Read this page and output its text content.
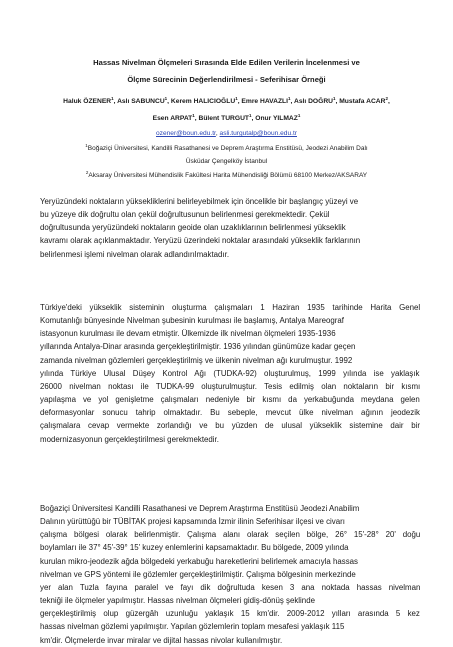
Hassas Nivelman Ölçmeleri Sırasında Elde Edilen Verilerin İncelenmesi ve
Ölçme Sürecinin Değerlendirilmesi - Seferihisar Örneği
Haluk ÖZENER$^1$, Aslı SABUNCU$^1$, Kerem HALICIOĞLU$^1$, Emre HAVAZLI$^1$, Aslı DOĞRU$^1$, Mustafa ACAR$^2$,
Esen ARPAT$^1$, Bülent TURGUT$^1$, Onur YILMAZ$^1$
ozener@boun.edu.tr, asli.turgutalp@boun.edu.tr
$^1$Boğaziçi Üniversitesi, Kandilli Rasathanesi ve Deprem Araştırma Enstitüsü, Jeodezi Anabilim Dalı
Üsküdar Çengelköy İstanbul
$^2$Aksaray Üniversitesi Mühendislik Fakültesi Harita Mühendisliği Bölümü 68100 Merkez/AKSARAY
Yeryüzündeki noktaların yüksekliklerini belirleyebilmek için öncelikle bir başlangıç yüzeyi ve
bu yüzeye dik doğrultu olan çekül doğrultusunun belirlenmesi gerekmektedir. Çekül
doğrultusunda yeryüzündeki noktaların geoide olan uzaklıklarının belirlenmesi yükseklik
kavramı olarak açıklanmaktadır. Yeryüzü üzerindeki noktalar arasındaki yükseklik farklarının
belirlenmesi işlemi nivelman olarak adlandırılmaktadır.
Türkiye'deki yükseklik sisteminin oluşturma çalışmaları 1 Haziran 1935 tarihinde Harita Genel
Komutanlığı bünyesinde Nivelman şubesinin kurulması ile başlamış, Antalya Mareograf
istasyonun kurulması ile devam etmiştir. Ülkemizde ilk nivelman ölçmeleri 1935-1936
yıllarında Antalya-Dinar arasında gerçekleştirilmiştir. 1936 yılından günümüze kadar geçen
zamanda nivelman gözlemleri gerçekleştirilmiş ve ülkenin nivelman ağı kurulmuştur. 1992
yılında Türkiye Ulusal Düşey Kontrol Ağı (TUDKA-92) oluşturulmuş, 1999 yılında ise yaklaşık
26000 nivelman noktası ile TUDKA-99 oluşturulmuştur. Tesis edilmiş olan noktaların bir kısmı
yapılaşma ve yol genişletme çalışmaları nedeniyle bir kısmı da yerkabuğunda meydana gelen
deformasyonlar sonucu tahrip olmaktadır. Bu sebeple, mevcut ülke nivelman ağının jeodezik
çalışmalara cevap vermekte zorlandığı ve bu yüzden de ulusal yükseklik sistemine dair bir
modernizasyonun gerçekleştirilmesi gerekmektedir.
Boğaziçi Üniversitesi Kandilli Rasathanesi ve Deprem Araştırma Enstitüsü Jeodezi Anabilim
Dalının yürüttüğü bir TÜBİTAK projesi kapsamında İzmir ilinin Seferihisar ilçesi ve civarı
çalışma bölgesi olarak belirlenmiştir. Çalışma alanı olarak seçilen bölge, 26° 15'-28° 20' doğu
boylamları ile 37° 45'-39° 15' kuzey enlemlerini kapsamaktadır. Bu bölgede, 2009 yılında
kurulan mikro-jeodezik ağda bölgedeki yerkabuğu hareketlerini belirlemek amacıyla hassas
nivelman ve GPS yöntemi ile gözlemler gerçekleştirilmiştir. Çalışma bölgesinin merkezinde
yer alan Tuzla fayına paralel ve fayı dik doğrultuda kesen 3 ana noktada hassas nivelman
tekniği ile ölçmeler yapılmıştır. Hassas nivelman ölçmeleri gidiş-dönüş şeklinde
gerçekleştirilmiş olup güzergâh uzunluğu yaklaşık 15 km'dir. 2009-2012 yılları arasında 5 kez
hassas nivelman gözlemi yapılmıştır. Yapılan gözlemlerin toplam mesafesi yaklaşık 115
km'dir. Ölçmelerde invar miralar ve dijital hassas nivolar kullanılmıştır.
